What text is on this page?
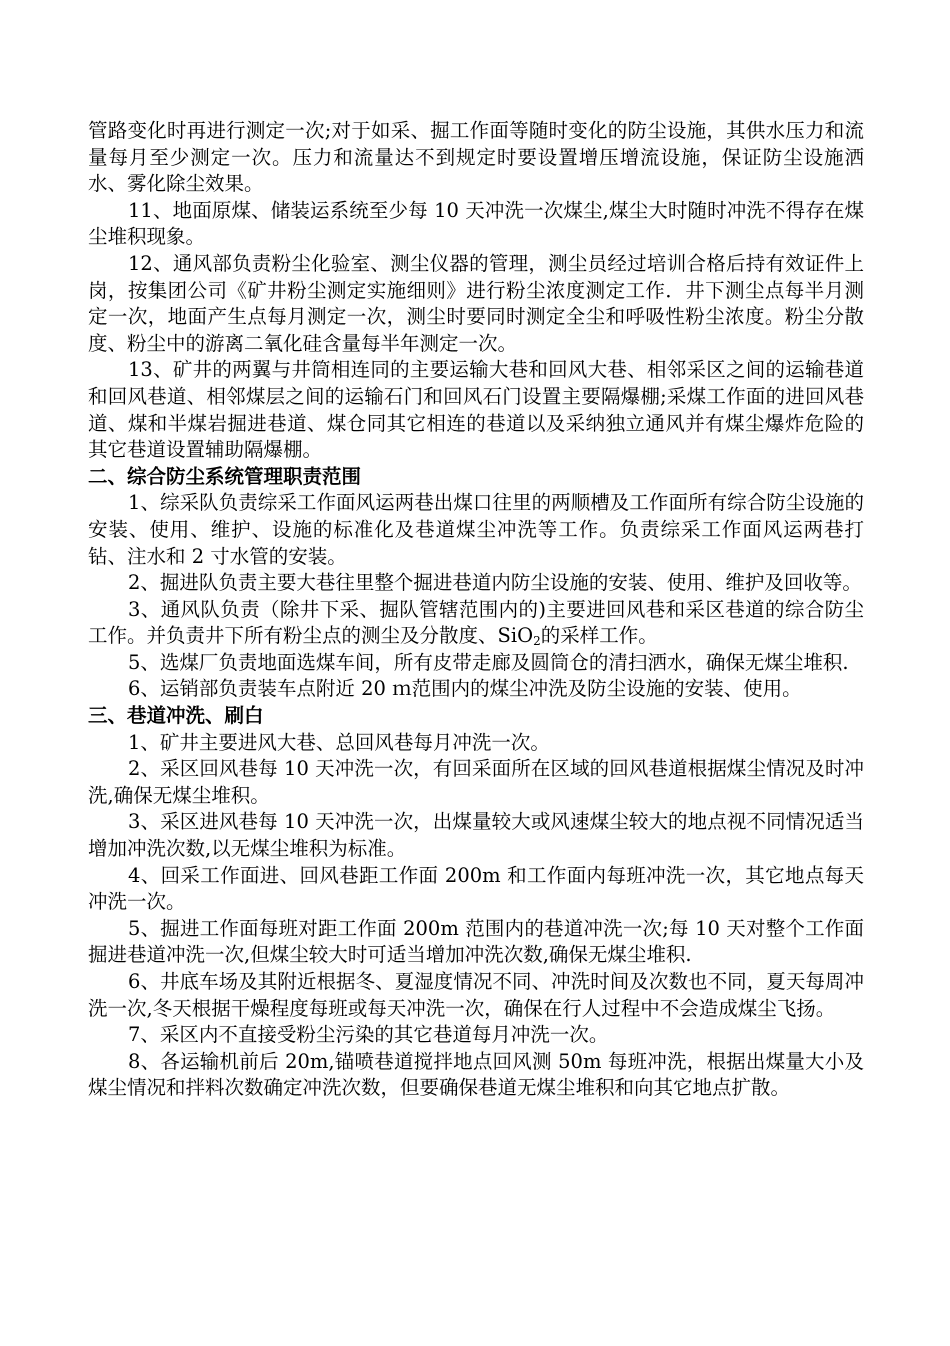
管路变化时再进行测定一次;对于如采、掘工作面等随时变化的防尘设施，其供水压力和流量每月至少测定一次。压力和流量达不到规定时要设置增压增流设施，保证防尘设施洒水、雾化除尘效果。

11、地面原煤、储装运系统至少每 10 天冲洗一次煤尘,煤尘大时随时冲洗不得存在煤尘堆积现象。

12、通风部负责粉尘化验室、测尘仪器的管理，测尘员经过培训合格后持有效证件上岗，按集团公司《矿井粉尘测定实施细则》进行粉尘浓度测定工作．井下测尘点每半月测定一次，地面产生点每月测定一次，测尘时要同时测定全尘和呼吸性粉尘浓度。粉尘分散度、粉尘中的游离二氧化硅含量每半年测定一次。

13、矿井的两翼与井筒相连同的主要运输大巷和回风大巷、相邻采区之间的运输巷道和回风巷道、相邻煤层之间的运输石门和回风石门设置主要隔爆棚;采煤工作面的进回风巷道、煤和半煤岩掘进巷道、煤仓同其它相连的巷道以及采纳独立通风并有煤尘爆炸危险的其它巷道设置辅助隔爆棚。

二、综合防尘系统管理职责范围

1、综采队负责综采工作面风运两巷出煤口往里的两顺槽及工作面所有综合防尘设施的安装、使用、维护、设施的标准化及巷道煤尘冲洗等工作。负责综采工作面风运两巷打钻、注水和 2 寸水管的安装。

2、掘进队负责主要大巷往里整个掘进巷道内防尘设施的安装、使用、维护及回收等。

3、通风队负责（除井下采、掘队管辖范围内的)主要进回风巷和采区巷道的综合防尘工作。并负责井下所有粉尘点的测尘及分散度、SiO$_2$的采样工作。

5、选煤厂负责地面选煤车间，所有皮带走廊及圆筒仓的清扫洒水，确保无煤尘堆积.

6、运销部负责装车点附近 20 ｍ范围内的煤尘冲洗及防尘设施的安装、使用。

三、巷道冲洗、刷白

1、矿井主要进风大巷、总回风巷每月冲洗一次。

2、采区回风巷每 10 天冲洗一次，有回采面所在区域的回风巷道根据煤尘情况及时冲洗,确保无煤尘堆积。

3、采区进风巷每 10 天冲洗一次，出煤量较大或风速煤尘较大的地点视不同情况适当增加冲洗次数,以无煤尘堆积为标准。

4、回采工作面进、回风巷距工作面 200m 和工作面内每班冲洗一次，其它地点每天冲洗一次。

5、掘进工作面每班对距工作面 200m 范围内的巷道冲洗一次;每 10 天对整个工作面掘进巷道冲洗一次,但煤尘较大时可适当增加冲洗次数,确保无煤尘堆积.

6、井底车场及其附近根据冬、夏湿度情况不同、冲洗时间及次数也不同，夏天每周冲洗一次,冬天根据干燥程度每班或每天冲洗一次，确保在行人过程中不会造成煤尘飞扬。

7、采区内不直接受粉尘污染的其它巷道每月冲洗一次。

8、各运输机前后 20m,锚喷巷道搅拌地点回风测 50m 每班冲洗，根据出煤量大小及煤尘情况和拌料次数确定冲洗次数，但要确保巷道无煤尘堆积和向其它地点扩散。
